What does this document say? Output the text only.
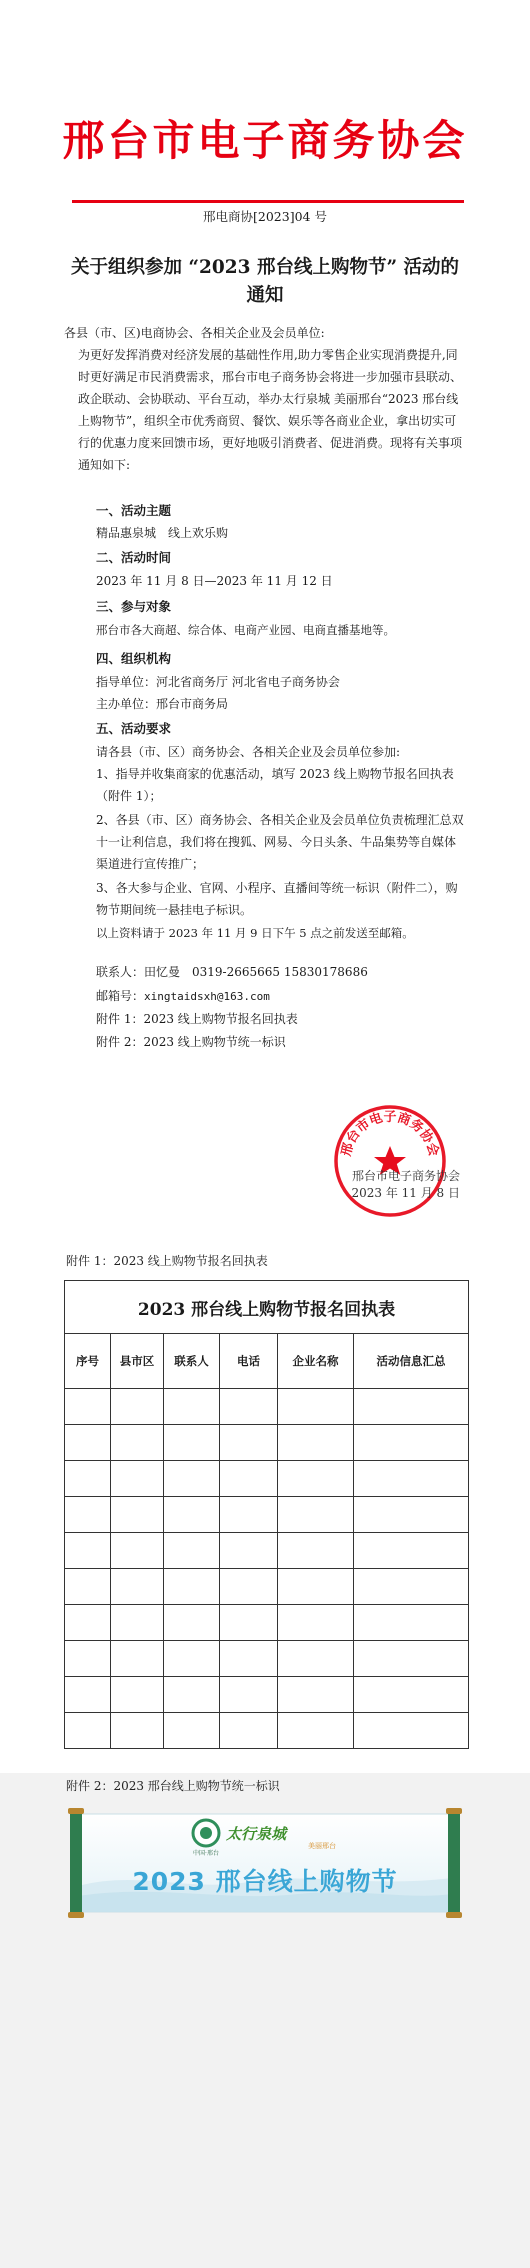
邢台市电子商务协会
邢电商协[2023]04 号
关于组织参加 “2023 邢台线上购物节” 活动的
通知
各县（市、区)电商协会、各相关企业及会员单位:
为更好发挥消费对经济发展的基础性作用,助力零售企业实现消费提升,同时更好满足市民消费需求，邢台市电子商务协会将进一步加强市县联动、政企联动、会协联动、平台互动，举办太行泉城 美丽邢台“2023 邢台线上购物节”，组织全市优秀商贸、餐饮、娱乐等各商业企业，拿出切实可行的优惠力度来回馈市场，更好地吸引消费者、促进消费。现将有关事项通知如下:
一、活动主题
精品惠泉城　线上欢乐购
二、活动时间
2023 年 11 月 8 日—2023 年 11 月 12 日
三、参与对象
邢台市各大商超、综合体、电商产业园、电商直播基地等。
四、组织机构
指导单位：河北省商务厅 河北省电子商务协会
主办单位：邢台市商务局
五、活动要求
请各县（市、区）商务协会、各相关企业及会员单位参加:
1、指导并收集商家的优惠活动，填写 2023 线上购物节报名回执表（附件 1）；
2、各县（市、区）商务协会、各相关企业及会员单位负责梳理汇总双十一让利信息，我们将在搜狐、网易、今日头条、牛品集势等自媒体渠道进行宣传推广；
3、各大参与企业、官网、小程序、直播间等统一标识（附件二），购物节期间统一悬挂电子标识。
以上资料请于 2023 年 11 月 9 日下午 5 点之前发送至邮箱。
联系人：田忆曼　0319-2665665 15830178686
邮箱号：xingtaidsxh@163.com
附件 1：2023 线上购物节报名回执表
附件 2：2023 线上购物节统一标识
邢台市电子商务协会
邢台市电子商务协会
2023 年 11 月 8 日
附件 1：2023 线上购物节报名回执表
2023 邢台线上购物节报名回执表					
序号	县市区	联系人	电话	企业名称	活动信息汇总

附件 2：2023 邢台线上购物节统一标识
中国·邢台
太行泉城
美丽邢台
2023 邢台线上购物节
